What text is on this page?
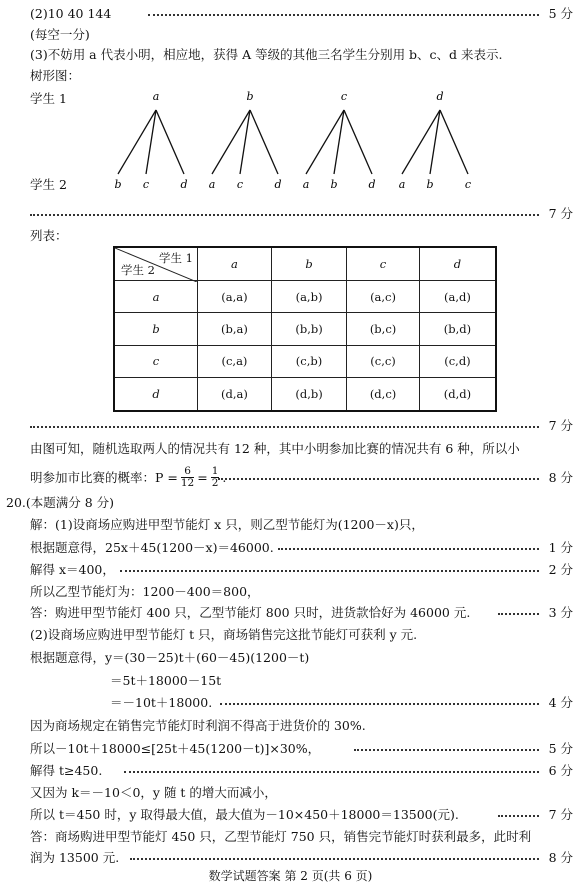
(2)10 40 144	5 分
(每空一分)
(3)不妨用 a 代表小明，相应地，获得 A 等级的其他三名学生分别用 b、c、d 来表示.
树形图：
学生 1
学生 2
a
b c	d
b
a c	d
c
a b	d
d
a b	c
7 分
列表：
学生 1
学生 2	a	b	c	d
a	(a,a)	(a,b)	(a,c)	(a,d)
b	(b,a)	(b,b)	(b,c)	(b,d)
c	(c,a)	(c,b)	(c,c)	(c,d)
d	(d,a)	(d,b)	(d,c)	(d,d)
7 分
由图可知，随机选取两人的情况共有 12 种，其中小明参加比赛的情况共有 6 种，所以小
明参加市比赛的概率：$P = \frac{6}{12} = \frac{1}{2}$ .	8 分
20.(本题满分 8 分)
解：(1)设商场应购进甲型节能灯 x 只，则乙型节能灯为(1200－x)只，
根据题意得，25x＋45(1200－x)＝46000.	1 分
解得 x＝400，	2 分
所以乙型节能灯为：1200－400＝800，
答：购进甲型节能灯 400 只，乙型节能灯 800 只时，进货款恰好为 46000 元.	3 分
(2)设商场应购进甲型节能灯 t 只，商场销售完这批节能灯可获利 y 元.
根据题意得，y＝(30－25)t＋(60－45)(1200－t)
＝5t＋18000－15t
＝－10t＋18000.	4 分
因为商场规定在销售完节能灯时利润不得高于进货价的 30%.
所以－10t＋18000≤[25t＋45(1200－t)]×30%，	5 分
解得 t≥450.	6 分
又因为 k＝－10＜0，y 随 t 的增大而减小，
所以 t＝450 时，y 取得最大值，最大值为－10×450＋18000＝13500(元).	7 分
答：商场购进甲型节能灯 450 只，乙型节能灯 750 只，销售完节能灯时获利最多，此时利
润为 13500 元.	8 分
数学试题答案 第 2 页(共 6 页)
